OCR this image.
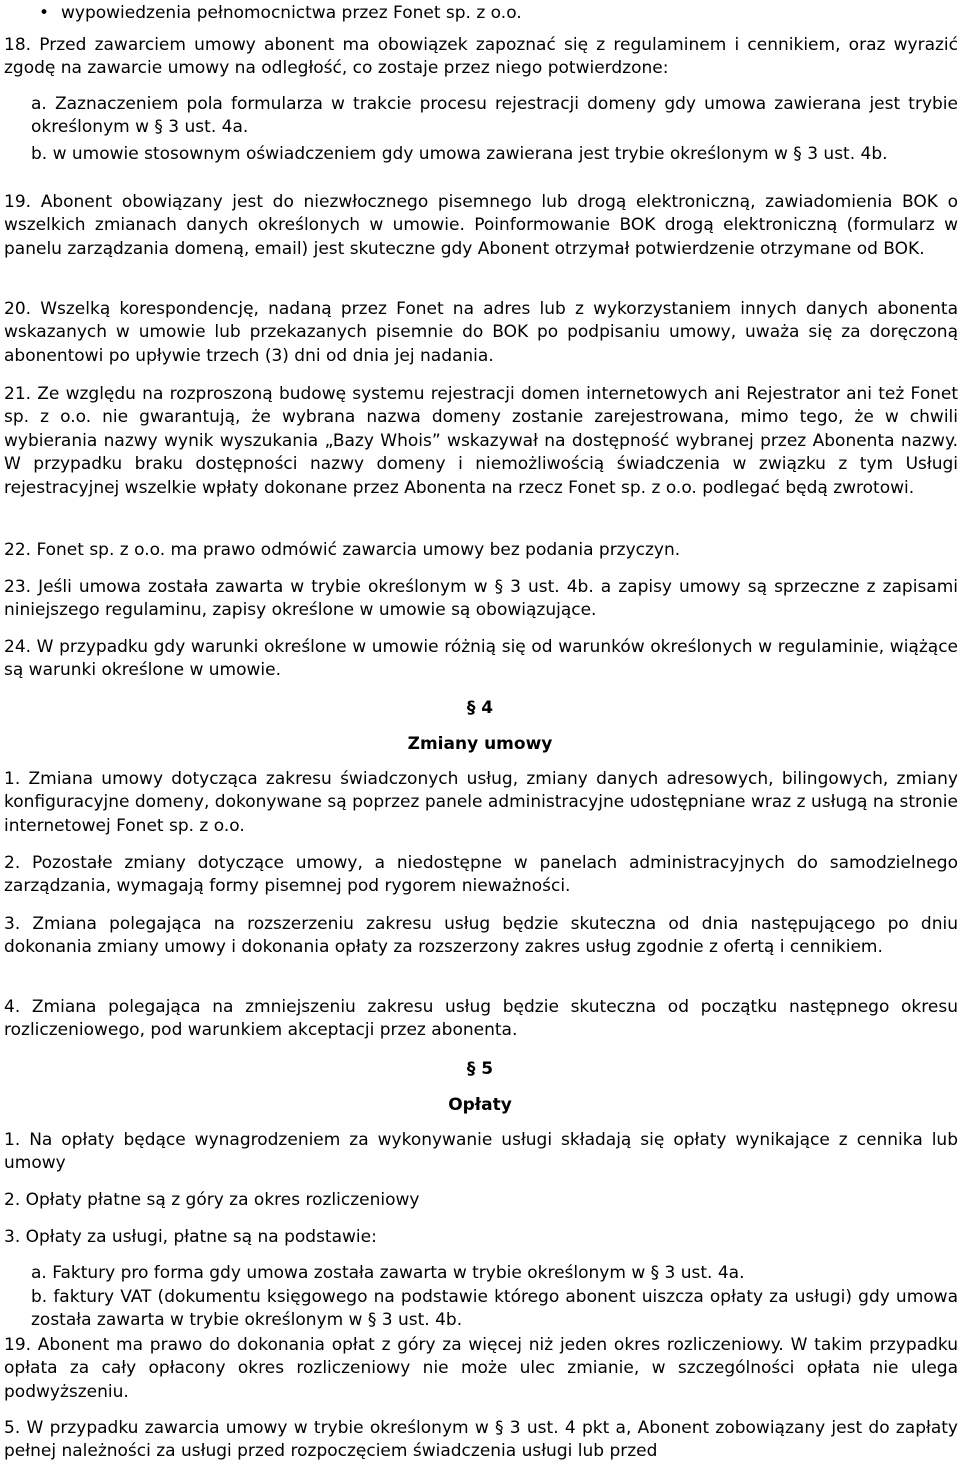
• wypowiedzenia pełnomocnictwa przez Fonet sp. z o.o.

18. Przed zawarciem umowy abonent ma obowiązek zapoznać się z regulaminem i cennikiem, oraz wyrazić zgodę na zawarcie umowy na odległość, co zostaje przez niego potwierdzone:

a. Zaznaczeniem pola formularza w trakcie procesu rejestracji domeny gdy umowa zawierana jest trybie określonym w § 3 ust. 4a.

b. w umowie stosownym oświadczeniem gdy umowa zawierana jest trybie określonym w § 3 ust. 4b.

19. Abonent obowiązany jest do niezwłocznego pisemnego lub drogą elektroniczną, zawiadomienia BOK o wszelkich zmianach danych określonych w umowie. Poinformowanie BOK drogą elektroniczną (formularz w panelu zarządzania domeną, email) jest skuteczne gdy Abonent otrzymał potwierdzenie otrzymane od BOK.

20. Wszelką korespondencję, nadaną przez Fonet na adres lub z wykorzystaniem innych danych abonenta wskazanych w umowie lub przekazanych pisemnie do BOK po podpisaniu umowy, uważa się za doręczoną abonentowi po upływie trzech (3) dni od dnia jej nadania.

21. Ze względu na rozproszoną budowę systemu rejestracji domen internetowych ani Rejestrator ani też Fonet sp. z o.o. nie gwarantują, że wybrana nazwa domeny zostanie zarejestrowana, mimo tego, że w chwili wybierania nazwy wynik wyszukania „Bazy Whois” wskazywał na dostępność wybranej przez Abonenta nazwy. W przypadku braku dostępności nazwy domeny i niemożliwością świadczenia w związku z tym Usługi rejestracyjnej wszelkie wpłaty dokonane przez Abonenta na rzecz Fonet sp. z o.o. podlegać będą zwrotowi.

22. Fonet sp. z o.o. ma prawo odmówić zawarcia umowy bez podania przyczyn.

23. Jeśli umowa została zawarta w trybie określonym w § 3 ust. 4b. a zapisy umowy są sprzeczne z zapisami niniejszego regulaminu, zapisy określone w umowie są obowiązujące.

24. W przypadku gdy warunki określone w umowie różnią się od warunków określonych w regulaminie, wiążące są warunki określone w umowie.

§ 4
Zmiany umowy

1. Zmiana umowy dotycząca zakresu świadczonych usług, zmiany danych adresowych, bilingowych, zmiany konfiguracyjne domeny, dokonywane są poprzez panele administracyjne udostępniane wraz z usługą na stronie internetowej Fonet sp. z o.o.

2. Pozostałe zmiany dotyczące umowy, a niedostępne w panelach administracyjnych do samodzielnego zarządzania, wymagają formy pisemnej pod rygorem nieważności.

3. Zmiana polegająca na rozszerzeniu zakresu usług będzie skuteczna od dnia następującego po dniu dokonania zmiany umowy i dokonania opłaty za rozszerzony zakres usług zgodnie z ofertą i cennikiem.

4. Zmiana polegająca na zmniejszeniu zakresu usług będzie skuteczna od początku następnego okresu rozliczeniowego, pod warunkiem akceptacji przez abonenta.

§ 5
Opłaty

1. Na opłaty będące wynagrodzeniem za wykonywanie usługi składają się opłaty wynikające z cennika lub umowy

2. Opłaty płatne są z góry za okres rozliczeniowy

3. Opłaty za usługi, płatne są na podstawie:

a. Faktury pro forma gdy umowa została zawarta w trybie określonym w § 3 ust. 4a.

b. faktury VAT (dokumentu księgowego na podstawie którego abonent uiszcza opłaty za usługi) gdy umowa została zawarta w trybie określonym w § 3 ust. 4b.

19. Abonent ma prawo do dokonania opłat z góry za więcej niż jeden okres rozliczeniowy. W takim przypadku opłata za cały opłacony okres rozliczeniowy nie może ulec zmianie, w szczególności opłata nie ulega podwyższeniu.

5. W przypadku zawarcia umowy w trybie określonym w § 3 ust. 4 pkt a, Abonent zobowiązany jest do zapłaty pełnej należności za usługi przed rozpoczęciem świadczenia usługi lub przed
